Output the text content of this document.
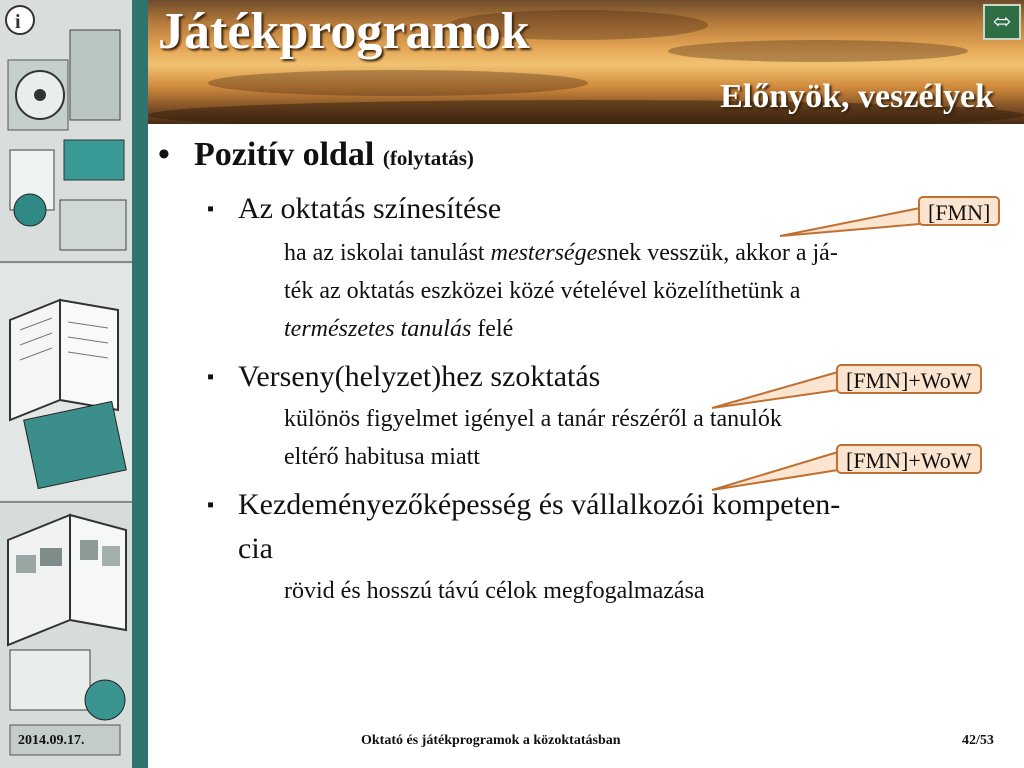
i	Játékprogramok
Előnyök, veszélyek
⬄
• Pozitív oldal (folytatás)
▪ Az oktatás színesítése
ha az iskolai tanulást mesterségesnek vesszük, akkor a já-
ték az oktatás eszközei közé vételével közelíthetünk a
természetes tanulás felé
▪ Verseny(helyzet)hez szoktatás
különös figyelmet igényel a tanár részéről a tanulók
eltérő habitusa miatt
▪ Kezdeményezőképesség és vállalkozói kompeten-
cia
rövid és hosszú távú célok megfogalmazása
[FMN]
[FMN]+WoW
[FMN]+WoW
2014.09.17.	Oktató és játékprogramok a közoktatásban	42/53
